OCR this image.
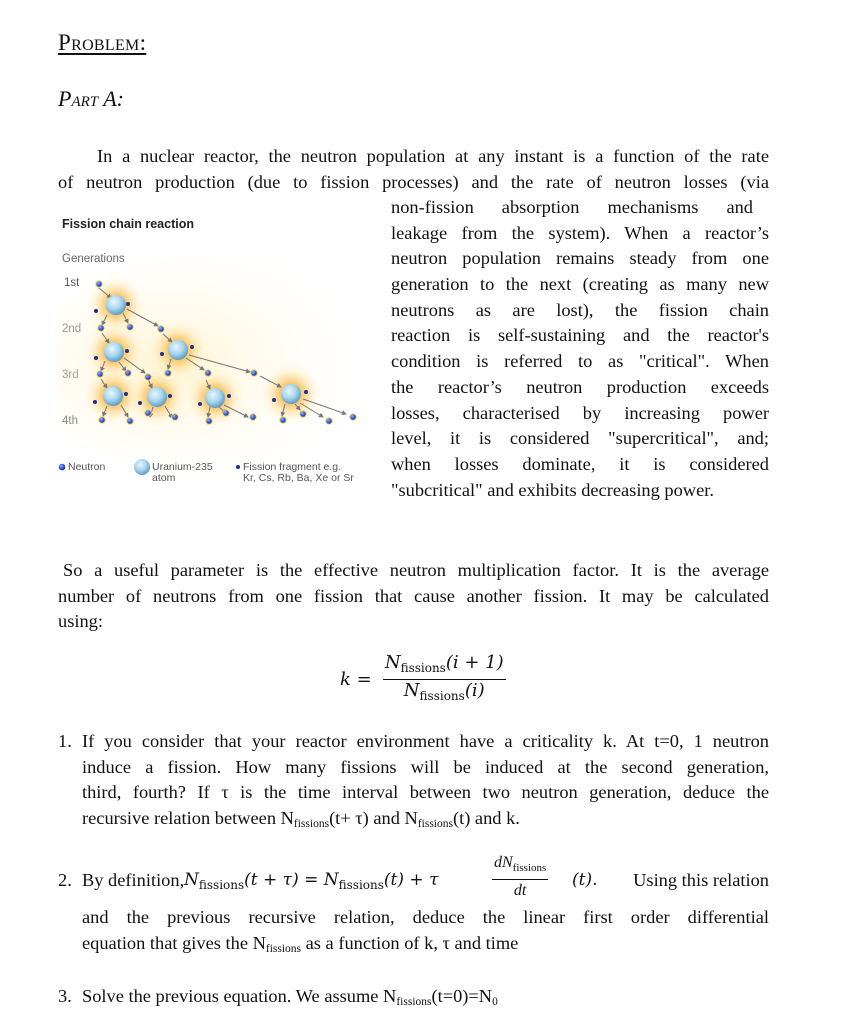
Problem:
Part A:
In a nuclear reactor, the neutron population at any instant is a function of the rate
of neutron production (due to fission processes) and the rate of neutron losses (via
non-fission absorption mechanisms and
leakage from the system). When a reactor’s
neutron population remains steady from one
generation to the next (creating as many new
neutrons as are lost), the fission chain
reaction is self-sustaining and the reactor's
condition is referred to as "critical". When
the reactor’s neutron production exceeds
losses, characterised by increasing power
level, it is considered "supercritical", and;
when losses dominate, it is considered
"subcritical" and exhibits decreasing power.
Fission chain reaction
Generations
1st
Neutron	Uranium-235
atom
Fission fragment e.g.
Kr, Cs, Rb, Ba, Xe or Sr
So a useful parameter is the effective neutron multiplication factor. It is the average
number of neutrons from one fission that cause another fission. It may be calculated
using:
$k = \frac{N_{fissions}(i + 1)}{N_{fissions}(i)}$
1. If you consider that your reactor environment have a criticality k. At t=0, 1 neutron
induce a fission. How many fissions will be induced at the second generation,
third, fourth? If τ is the time interval between two neutron generation, deduce the
recursive relation between Nfissions(t+ τ) and Nfissions(t) and k.
2. By definition, $N_{fissions}(t + \tau) = N_{fissions}(t) + \tau$
$dN_{fissions}$
dt
(t). Using this relation
and the previous recursive relation, deduce the linear first order differential
equation that gives the Nfissions as a function of k, τ and time
3. Solve the previous equation. We assume Nfissions(t=0)=N0
